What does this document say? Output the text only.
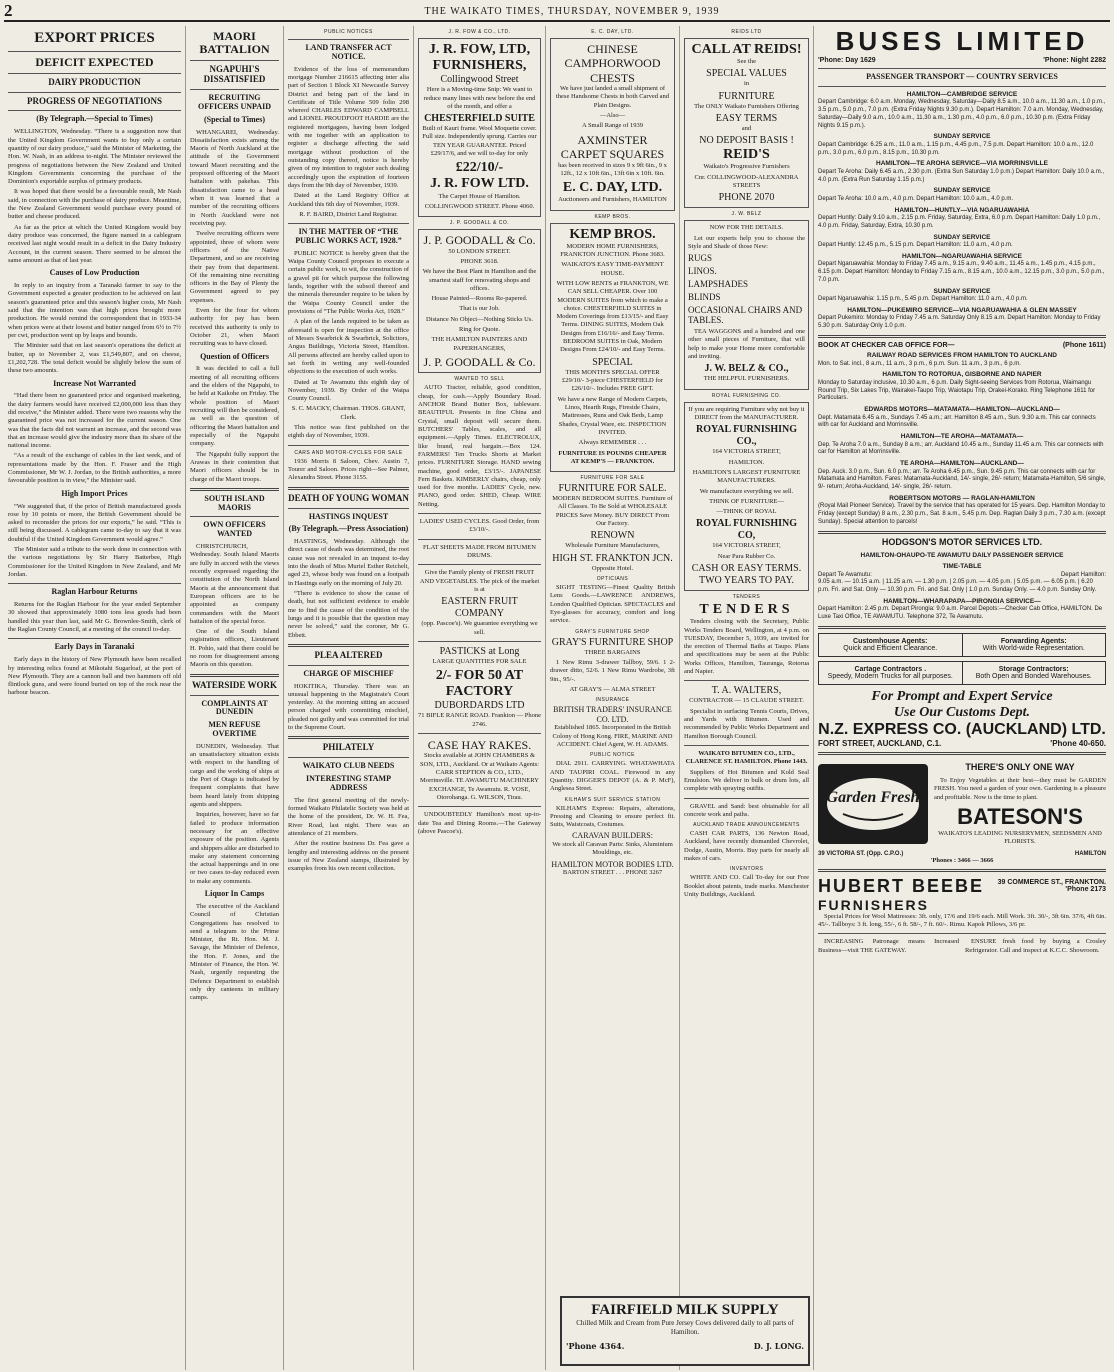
2	THE WAIKATO TIMES, THURSDAY, NOVEMBER 9, 1939
EXPORT PRICES
DEFICIT EXPECTED
DAIRY PRODUCTION
PROGRESS OF NEGOTIATIONS
(By Telegraph.—Special to Times)

WELLINGTON, Wednesday. “There is a suggestion now that the United Kingdom Government wants to buy only a certain quantity of our dairy produce,” said the Minister of Marketing, the Hon. W. Nash, in an address to-night. The Minister reviewed the progress of negotiations between the New Zealand and United Kingdom Governments concerning the purchase of the Dominion's exportable surplus of primary products.

It was hoped that there would be a favourable result, Mr Nash said, in connection with the purchase of dairy produce. Meantime, the New Zealand Government would purchase every pound of butter and cheese produced.

As far as the price at which the United Kingdom would buy dairy produce was concerned, the figure named in a cablegram received last night would result in a deficit in the Dairy Industry Account, in the current season. There seemed to be almost the same amount as that of last year.

Causes of Low Production

In reply to an inquiry from a Taranaki farmer to say to the Government expected a greater production to be achieved on last season's guaranteed price and this season's higher costs, Mr Nash said that the intention was that high prices brought more production. He would remind the correspondent that in 1933-34 when prices were at their lowest and butter ranged from 6½ to 7½ per cwt, production went up by leaps and bounds.

The Minister said that on last season's operations the deficit at butter, up to November 2, was £1,549,807, and on cheese, £1,202,728. The total deficit would be slightly below the sum of these two amounts.

Increase Not Warranted

“Had there been no guaranteed price and organised marketing, the dairy farmers would have received £2,000,000 less than they did receive,” the Minister added. There were two reasons why the guaranteed price was not increased for the current season. One was that the facts did not warrant an increase, and the second was that an increase would give the industry more than its share of the national income.

“As a result of the exchange of cables in the last week, and of representations made by the Hon. F. Fraser and the High Commissioner, Mr W. J. Jordan, to the British authorities, a more favourable position is in view,” the Minister said.

High Import Prices

“We suggested that, if the price of British manufactured goods rose by 10 points or more, the British Government should be asked to reconsider the prices for our exports,” he said. “This is still being discussed. A cablegram came to-day to say that it was doubtful if the United Kingdom Government would agree.”

The Minister said a tribute to the work done in connection with the various negotiations by Sir Harry Batterbee, High Commissioner for the United Kingdom in New Zealand, and Mr Jordan.

Raglan Harbour Returns

Returns for the Raglan Harbour for the year ended September 30 showed that approximately 1080 tons less goods had been handled this year than last, said Mr G. Brownlee-Smith, clerk of the Raglan County Council, at a meeting of the council to-day.

Early Days in Taranaki

Early days in the history of New Plymouth have been recalled by interesting relics found at Mikotahi Sugarloaf, at the port of New Plymouth. They are a cannon ball and two hammers off old flintlock guns, and were found buried on top of the rock near the harbour beacon.

MAORI BATTALION
NGAPUHI'S DISSATISFIED
RECRUITING OFFICERS UNPAID
(Special to Times)

WHANGAREI, Wednesday. Dissatisfaction exists among the Maoris of North Auckland at the attitude of the Government toward Maori recruiting and the proposed officering of the Maori battalion with pakehas. This dissatisfaction came to a head when it was learned that a number of the recruiting officers in North Auckland were not receiving pay.

Twelve recruiting officers were appointed, three of whom were officers of the Native Department, and so are receiving their pay from that department. Of the remaining nine recruiting officers in the Bay of Plenty the Government agreed to pay expenses.

Even for the four for whom authority for pay has been received this authority is only to October 21, when Maori recruiting was to have closed.

Question of Officers

It was decided to call a full meeting of all recruiting officers and the elders of the Ngapuhi, to be held at Kaikohe on Friday. The whole position of Maori recruiting will then be considered, as well as the question of officering the Maori battalion and especially of the Ngapuhi company.

The Ngapuhi fully support the Arawas in their contention that Maori officers should be in charge of the Maori troops.

SOUTH ISLAND MAORIS
OWN OFFICERS WANTED

CHRISTCHURCH, Wednesday. South Island Maoris are fully in accord with the views recently expressed regarding the constitution of the North Island Maoris at the announcement that European officers are to be appointed as company commanders with the Maori battalion of the special force.

One of the South Island registration officers, Lieutenant H. Pohio, said that there could be no room for disagreement among Maoris on this question.

WATERSIDE WORK
COMPLAINTS AT DUNEDIN
MEN REFUSE OVERTIME

DUNEDIN, Wednesday. That an unsatisfactory situation exists with respect to the handling of cargo and the working of ships at the Port of Otago is indicated by frequent complaints that have been heard lately from shipping agents and shippers.

Inquiries, however, have so far failed to produce information necessary for an effective exposure of the position. Agents and shippers alike are disturbed to make any statement concerning the actual happenings and in one or two cases to-day reduced even to make any comments.

Liquor In Camps

The executive of the Auckland Council of Christian Congregations has resolved to send a telegram to the Prime Minister, the Rt. Hon. M. J. Savage, the Minister of Defence, the Hon. F. Jones, and the Minister of Finance, the Hon. W. Nash, urgently requesting the Defence Department to establish only dry canteens in military camps.

PUBLIC NOTICES
LAND TRANSFER ACT NOTICE.

Evidence of the loss of memorandum mortgage Number 216615 affecting inter alia part of Section 1 Block XI Newcastle Survey District and being part of the land in Certificate of Title Volume 509 folio 298 whereof CHARLES EDWARD CAMPBELL and LIONEL PROUDFOOT HARDIE are the registered mortgagees, having been lodged with me together with an application to register a discharge affecting the said mortgage without production of the outstanding copy thereof, notice is hereby given of my intention to register such dealing accordingly upon the expiration of fourteen days from the 9th day of November, 1939.

Dated at the Land Registry Office at Auckland this 6th day of November, 1939.

R. F. BAIRD, District Land Registrar.

IN THE MATTER OF “THE PUBLIC WORKS ACT, 1928.”

PUBLIC NOTICE is hereby given that the Waipa County Council proposes to execute a certain public work, to wit, the construction of a gravel pit for which purpose the following lands, together with the subsoil thereof and the minerals thereunder require to be taken by the Waipa County Council under the provisions of “The Public Works Act, 1928.”

A plan of the lands required to be taken as aforesaid is open for inspection at the office of Messrs Swarbrick & Swarbrick, Solicitors, Angus Buildings, Victoria Street, Hamilton. All persons affected are hereby called upon to set forth in writing any well-founded objections to the execution of such works.

Dated at Te Awamutu this eighth day of November, 1939. By Order of the Waipa County Council.

S. C. MACKY, Chairman. THOS. GRANT, Clerk.

This notice was first published on the eighth day of November, 1939.

CARS AND MOTOR-CYCLES FOR SALE

1936 Morris 8 Saloon, Chev. Austin 7, Tourer and Saloon. Prices right—See Palmer, Alexandra Street. Phone 3155.

DEATH OF YOUNG WOMAN
HASTINGS INQUEST
(By Telegraph.—Press Association)

HASTINGS, Wednesday. Although the direct cause of death was determined, the root cause was not revealed in an inquest to-day into the death of Miss Muriel Esther Reichelt, aged 23, whose body was found on a footpath in Hastings early on the morning of July 20.

“There is evidence to show the cause of death, but not sufficient evidence to enable me to find the cause of the condition of the lungs and it is possible that the question may never be solved,” said the coroner, Mr G. Ebbett.

PLEA ALTERED
CHARGE OF MISCHIEF

HOKITIKA, Thursday. There was an unusual happening in the Magistrate's Court yesterday. At the morning sitting an accused person charged with committing mischief, pleaded not guilty and was committed for trial to the Supreme Court.

PHILATELY
WAIKATO CLUB NEEDS
INTERESTING STAMP ADDRESS

The first general meeting of the newly-formed Waikato Philatelic Society was held at the home of the president, Dr. W. H. Fea, River Road, last night. There was an attendance of 21 members.

After the routine business Dr. Fea gave a lengthy and interesting address on the present issue of New Zealand stamps, illustrated by examples from his own recent collection.

J. R. FOW & CO., LTD.
J. R. FOW, LTD, FURNISHERS,
Collingwood Street

Here is a Moving-time Snip: We want to reduce many lines with new before the end of the month, and offer a

CHESTERFIELD SUITE

Built of Kauri frame. Wool Moquette cover. Full size. Independently sprung. Carries our TEN YEAR GUARANTEE. Priced £29/17/6, and we will to-day for only

£22/10/-
J. R. FOW LTD.

The Carpet House of Hamilton.

COLLINGWOOD STREET. Phone 4060.

J. P. GOODALL & CO.
J. P. GOODALL & Co.

50 LONDON STREET.

PHONE 3618.

We have the Best Plant in Hamilton and the smartest staff for renovating shops and offices.

House Painted—Rooms Re-papered.

That is our Job.

Distance No Object—Nothing Sticks Us.

Ring for Quote.

THE HAMILTON PAINTERS AND PAPERHANGERS,

J. P. GOODALL & Co.
WANTED TO SELL

AUTO Tractor, reliable, good condition, cheap, for cash.—Apply Boundary Road. ANCHOR Brand Butter Box, tableware. BEAUTIFUL Presents in fine China and Crystal, small deposit will secure them. BUTCHERS' Tables, scales, and all equipment.—Apply Times. ELECTROLUX, like brand, real bargain.—Box 124. FARMERS! Ten Trucks Shorts at Market prices. FURNITURE Storage. HAND sewing machine, good order, £3/15/-. JAPANESE Fern Baskets. KIMBERLY chairs, cheap, only used for five months. LADIES' Cycle, new. PIANO, good order. SHED, Cheap. WIRE Netting.

LADIES' USED CYCLES. Good Order, from £3/10/-.

FLAT SHEETS MADE FROM BITUMEN DRUMS.

Give the Family plenty of FRESH FRUIT AND VEGETABLES. The pick of the market is at

EASTERN FRUIT COMPANY

(opp. Pascoe's). We guarantee everything we sell.

PASTICKS at Long

LARGE QUANTITIES FOR SALE

2/- FOR 50 AT FACTORY
DUBORDARDS LTD

71 BIFLE RANGE ROAD. Frankton — Phone 2746.

CASE HAY RAKES.

Stocks available at JOHN CHAMBERS & SON, LTD., Auckland. Or at Waikato Agents: CARR STEPTION & CO., LTD., Morrinsville. TE AWAMUTU MACHINERY EXCHANGE, Te Awamutu. R. VOSE, Otorohanga. G. WILSON, Tirau.

UNDOUBTEDLY Hamilton's most up-to-date Tea and Dining Rooms.—The Gateway (above Pascoe's).

E. C. DAY, LTD.
CHINESE CAMPHORWOOD CHESTS

We have just landed a small shipment of these Handsome Chests in both Carved and Plain Designs.

—Also—

A Small Range of 1939

AXMINSTER CARPET SQUARES

has been received in sizes 9 x 9ft 6in., 9 x 12ft., 12 x 10ft 6in., 13ft 6in x 10ft. 6in.

E. C. DAY, LTD.

Auctioneers and Furnishers, HAMILTON

KEMP BROS.
KEMP BROS.

MODERN HOME FURNISHERS, FRANKTON JUNCTION. Phone 3683.

WAIKATO'S EASY TIME-PAYMENT HOUSE.

WITH LOW RENTS at FRANKTON, WE CAN SELL CHEAPER. Over 100 MODERN SUITES from which to make a choice. CHESTERFIELD SUITES in Modern Coverings from £13/15/- and Easy Terms. DINING SUITES, Modern Oak Designs from £16/16/- and Easy Terms. BEDROOM SUITES in Oak, Modern Designs From £24/10/- and Easy Terms.

SPECIAL

THIS MONTH'S SPECIAL OFFER £29/10/- 3-piece CHESTERFIELD for £26/10/-. Includes FREE GIFT.

We have a new Range of Modern Carpets, Linos, Hearth Rugs, Fireside Chairs, Mattresses, Runs and Oak Beds, Lamp Shades, Crystal Ware, etc. INSPECTION INVITED.

Always REMEMBER . . .

FURNITURE IS POUNDS CHEAPER AT KEMP'S — FRANKTON.

FURNITURE FOR SALE
FURNITURE FOR SALE.

MODERN BEDROOM SUITES. Furniture of All Classes. To Be Sold at WHOLESALE PRICES Save Money. BUY DIRECT From Our Factory.

RENOWN

Wholesale Furniture Manufacturers,

HIGH ST. FRANKTON JCN.

Opposite Hotel.

OPTICIANS

SIGHT TESTING—Finest Quality British Lens Goods.—LAWRENCE ANDREWS, London Qualified Optician. SPECTACLES and Eye-glasses for accuracy, comfort and long service.

GRAY'S FURNITURE SHOP
GRAY'S FURNITURE SHOP

THREE BARGAINS

1 New Rimu 3-drawer Tallboy, 59/6. 1 2-drawer ditto, 52/6. 1 New Rimu Wardrobe, 3ft 9in., 95/-.

AT GRAY'S — ALMA STREET

INSURANCE
BRITISH TRADERS' INSURANCE CO. LTD.

Established 1865. Incorporated in the British Colony of Hong Kong. FIRE, MARINE AND ACCIDENT. Chief Agent, W. H. ADAMS.

PUBLIC NOTICE

DIAL 2911. CARRYING. WHATAWHATA AND TAUPIRI COAL. Firewood in any Quantity. DIGGER'S DEPOT (A. & P. McF), Anglesea Street.

KILHAM'S SUIT SERVICE STATION

KILHAM'S Express: Repairs, alterations, Pressing and Cleaning to ensure perfect fit. Suits, Waistcoats, Costumes.

CARAVAN BUILDERS:

We stock all Caravan Parts: Sinks, Aluminium Mouldings, etc.

HAMILTON MOTOR BODIES LTD.

BARTON STREET . . . PHONE 3267

FAIRFIELD MILK SUPPLY

Chilled Milk and Cream from Pure Jersey Cows delivered daily to all parts of Hamilton.

'Phone 4364.	D. J. LONG.
REIDS LTD
CALL AT REIDS!

See the

SPECIAL VALUES

in

FURNITURE

The ONLY Waikato Furnishers Offering

EASY TERMS

and

NO DEPOSIT BASIS !
REID'S

Waikato's Progressive Furnishers

Cnr. COLLINGWOOD-ALEXANDRA STREETS

PHONE 2070
J. W. BELZ

NOW FOR THE DETAILS.

Let our experts help you to choose the Style and Shade of those New:

RUGS
LINOS.
LAMPSHADES
BLINDS
OCCASIONAL CHAIRS AND TABLES.

TEA WAGGONS and a hundred and one other small pieces of Furniture, that will help to make your Home more comfortable and inviting.

J. W. BELZ & CO.,

THE HELPFUL FURNISHERS.

ROYAL FURNISHING CO.

If you are requiring Furniture why not buy it DIRECT from the MANUFACTURER.

ROYAL FURNISHING CO.,

164 VICTORIA STREET,

HAMILTON.

HAMILTON'S LARGEST FURNITURE MANUFACTURERS.

We manufacture everything we sell.

THINK OF FURNITURE—

—THINK OF ROYAL

ROYAL FURNISHING CO,

164 VICTORIA STREET,

Near Para Rubber Co.

CASH OR EASY TERMS.
TWO YEARS TO PAY.
TENDERS
TENDERS

Tenders closing with the Secretary, Public Works Tenders Board, Wellington, at 4 p.m. on TUESDAY, December 5, 1939, are invited for the erection of Thermal Baths at Taupo. Plans and specifications may be seen at the Public Works Offices, Hamilton, Tauranga, Rotorua and Napier.

T. A. WALTERS,

CONTRACTOR — 15 CLAUDE STREET.

Specialist in surfacing Tennis Courts, Drives, and Yards with Bitumen. Used and recommended by Public Works Department and Hamilton Borough Council.

WAIKATO BITUMEN CO., LTD., CLARENCE ST. HAMILTON. Phone 1443.

Suppliers of Hot Bitumen and Kold Seal Emulsion. We deliver in bulk or drum lots, all complete with spraying outfits.

GRAVEL and Sand: best obtainable for all concrete work and paths.

AUCKLAND TRADE ANNOUNCEMENTS

CASH CAR PARTS, 136 Newton Road, Auckland, have recently dismantled Chevrolet, Dodge, Austin, Morris. Buy parts for nearly all makes of cars.

INVENTORS

WHITE AND CO. Call To-day for our Free Booklet about patents, trade marks. Manchester Unity Buildings, Auckland.

BUSES LIMITED
'Phone: Day 1629	'Phone: Night 2282
PASSENGER TRANSPORT — COUNTRY SERVICES
HAMILTON—CAMBRIDGE SERVICE
Depart Cambridge: 6.0 a.m. Monday, Wednesday, Saturday—Daily 8.5 a.m., 10.0 a.m., 11.30 a.m., 1.0 p.m., 3.5 p.m., 5.0 p.m., 7.0 p.m. (Extra Friday Nights 9.30 p.m.). Depart Hamilton: 7.0 a.m. Monday, Wednesday, Saturday—Daily 9.0 a.m., 10.0 a.m., 11.30 a.m., 1.30 p.m., 4.0 p.m., 6.0 p.m., 10.30 p.m. (Extra Friday Nights 9.15 p.m.).
SUNDAY SERVICE
Depart Cambridge: 6.25 a.m., 11.0 a.m., 1.15 p.m., 4.45 p.m., 7.5 p.m. Depart Hamilton: 10.0 a.m., 12.0 p.m., 3.0 p.m., 6.0 p.m., 8.15 p.m., 10.30 p.m.
HAMILTON—TE AROHA SERVICE—VIA MORRINSVILLE
Depart Te Aroha: Daily 6.45 a.m., 2.30 p.m. (Extra Sun Saturday 1.0 p.m.) Depart Hamilton: Daily 10.0 a.m., 4.0 p.m. (Extra Run Saturday 1.15 p.m.)
SUNDAY SERVICE
Depart Te Aroha: 10.0 a.m., 4.0 p.m. Depart Hamilton: 10.0 a.m., 4.0 p.m.
HAMILTON—HUNTLY—VIA NGARUAWAHIA
Depart Huntly: Daily 9.10 a.m., 2.15 p.m. Friday, Saturday, Extra, 6.0 p.m. Depart Hamilton: Daily 1.0 p.m., 4.0 p.m. Friday, Saturday, Extra, 10.30 p.m.
SUNDAY SERVICE
Depart Huntly: 12.45 p.m., 5.15 p.m. Depart Hamilton: 11.0 a.m., 4.0 p.m.
HAMILTON—NGARUAWAHIA SERVICE
Depart Ngaruawahia: Monday to Friday 7.45 a.m., 9.15 a.m., 9.40 a.m., 11.45 a.m., 1.45 p.m., 4.15 p.m., 6.15 p.m. Depart Hamilton: Monday to Friday 7.15 a.m., 8.15 a.m., 10.0 a.m., 12.15 p.m., 3.0 p.m., 5.0 p.m., 7.0 p.m.
SUNDAY SERVICE
Depart Ngaruawahia: 1.15 p.m., 5.45 p.m. Depart Hamilton: 11.0 a.m., 4.0 p.m.
HAMILTON—PUKEMIRO SERVICE—VIA NGARUAWAHIA & GLEN MASSEY
Depart Pukemiro: Monday to Friday 7.45 a.m. Saturday Only 8.15 a.m. Depart Hamilton: Monday to Friday 5.30 p.m. Saturday Only 1.0 p.m.
BOOK AT CHECKER CAB OFFICE FOR—	(Phone 1611)
RAILWAY ROAD SERVICES FROM HAMILTON TO AUCKLAND
Mon. to Sat. incl., 8 a.m., 11 a.m., 3 p.m., 6 p.m. Sun. 11 a.m., 3 p.m., 6 p.m.
HAMILTON TO ROTORUA, GISBORNE AND NAPIER
Monday to Saturday inclusive, 10.30 a.m., 6 p.m. Daily Sight-seeing Services from Rotorua, Waimangu Round Trip, Six Lakes Trip, Wairakei-Taupo Trip, Waiotapu Trip, Orakei-Korako. Ring Telephone 1611 for Particulars.
EDWARDS MOTORS—MATAMATA—HAMILTON—AUCKLAND—
Dept. Matamata 6.45 a.m., Sundays 7.45 a.m.; arr. Hamilton 8.45 a.m., Sun. 9.30 a.m. This car connects with car for Auckland and Morrinsville.
HAMILTON—TE AROHA—MATAMATA—
Dep. Te Aroha 7.0 a.m., Sunday 8 a.m.; arr. Auckland 10.45 a.m., Sunday 11.45 a.m. This car connects with car for Hamilton at Morrinsville.
TE AROHA—HAMILTON—AUCKLAND—
Dep. Auck. 3.0 p.m., Sun. 6.0 p.m.; arr. Te Aroha 6.45 p.m., Sun. 9.45 p.m. This car connects with car for Matamata and Hamilton. Fares: Matamata-Auckland, 14/- single, 26/- return; Matamata-Hamilton, 5/6 single, 9/- return; Aroha-Auckland, 14/- single, 26/- return.
ROBERTSON MOTORS — RAGLAN-HAMILTON
(Royal Mail Pioneer Service). Travel by the service that has operated for 15 years. Dep. Hamilton Monday to Friday (except Sunday) 8 a.m., 2.30 p.m., Sat. 8 a.m., 5.45 p.m. Dep. Raglan Daily 3 p.m., 7.30 a.m. (except Sunday). Special attention to parcels!
HODGSON'S MOTOR SERVICES LTD.
HAMILTON-OHAUPO-TE AWAMUTU DAILY PASSENGER SERVICE
TIME-TABLE
Depart Te Awamutu:	Depart Hamilton:
9.05 a.m. — 10.15 a.m. | 11.25 a.m. — 1.30 p.m. | 2.05 p.m. — 4.05 p.m. | 5.05 p.m. — 6.05 p.m. | 6.20 p.m. Fri. and Sat. Only — 10.30 p.m. Fri. and Sat. Only | 1.0 p.m. Sunday Only. — 4.0 p.m. Sunday Only.
HAMILTON—WHARAPAPA—PIRONGIA SERVICE—
Depart Hamilton: 2.45 p.m. Depart Pirongia: 9.0 a.m. Parcel Depots:—Checker Cab Office, HAMILTON. De Luxe Taxi Office, TE AWAMUTU. Telephone 372, Te Awamutu.
Customhouse Agents:
Quick and Efficient Clearance.
Forwarding Agents:
With World-wide Representation.
Cartage Contractors .
Speedy, Modern Trucks for all purposes.
Storage Contractors:
Both Open and Bonded Warehouses.
For Prompt and Expert Service
Use Our Customs Dept.
N.Z. EXPRESS CO. (AUCKLAND) LTD.
FORT STREET, AUCKLAND, C.1.	'Phone 40-650.
Garden Fresh
THERE'S ONLY ONE WAY

To Enjoy Vegetables at their best—they must be GARDEN FRESH. You need a garden of your own. Gardening is a pleasure and profitable. Now is the time to plant.

BATESON'S

WAIKATO'S LEADING NURSERYMEN, SEEDSMEN AND FLORISTS.

39 VICTORIA ST. (Opp. C.P.O.)	HAMILTON

'Phones : 3466 — 3666

HUBERT BEEBE 39 COMMERCE ST., FRANKTON.
'Phone 2173
FURNISHERS

Special Prices for Wool Mattresses: 3ft. only, 17/6 and 19/6 each. Mill Work. 3ft. 30/-, 3ft 6in. 37/6, 4ft 6in. 45/-. Tallboys: 3 ft. long, 55/-, 6 ft. 58/-, 7 ft. 60/-. Rimu. Kapok Pillows, 3/6 pr.

INCREASING Patronage means Increased Business—visit THE GATEWAY.

ENSURE fresh food by buying a Crosley Refrigerator. Call and inspect at K.C.C. Showroom.
